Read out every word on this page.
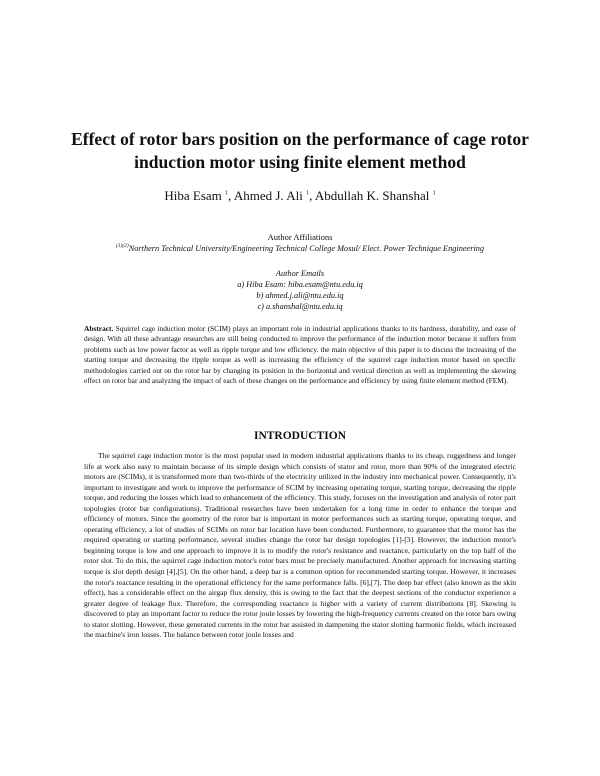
Effect of rotor bars position on the performance of cage rotor induction motor using finite element method

Hiba Esam $^1$, Ahmed J. Ali $^1$, Abdullah K. Shanshal $^1$

Author Affiliations

$^{(1)(2)}$Northern Technical University/Engineering Technical College Mosul/ Elect. Power Technique Engineering

Author Emails
a) Hiba Esam: hiba.esam@ntu.edu.iq
b) ahmed.j.ali@ntu.edu.iq
c) a.shanshal@ntu.edu.iq

Abstract. Squirrel cage induction motor (SCIM) plays an important role in industrial applications thanks to its hardness, durability, and ease of design. With all these advantage researches are still being conducted to improve the performance of the induction motor because it suffers from problems such as low power factor as well as ripple torque and low efficiency. the main objective of this paper is to discuss the increasing of the starting torque and decreasing the ripple torque as well as increasing the efficiency of the squirrel cage induction motor based on specific methodologies carried out on the rotor bar by changing its position in the horizontal and vertical direction as well as implementing the skewing effect on rotor bar and analyzing the impact of each of these changes on the performance and efficiency by using finite element method (FEM).

INTRODUCTION

The squirrel cage induction motor is the most popular used in modern industrial applications thanks to its cheap, ruggedness and longer life at work also easy to maintain because of its simple design which consists of stator and rotor, more than 90% of the integrated electric motors are (SCIMs), it is transformed more than two-thirds of the electricity utilized in the industry into mechanical power. Consequently, it's important to investigate and work to improve the performance of SCIM by increasing operating torque, starting torque, decreasing the ripple torque, and reducing the losses which lead to enhancement of the efficiency. This study, focuses on the investigation and analysis of rotor part topologies (rotor bar configurations). Traditional researches have been undertaken for a long time in order to enhance the torque and efficiency of motors. Since the geometry of the rotor bar is important in motor performances such as starting torque, operating torque, and operating efficiency, a lot of studies of SCIMs on rotor bar location have been conducted. Furthermore, to guarantee that the motor has the required operating or starting performance, several studies change the rotor bar design topologies [1]-[3]. However, the induction motor's beginning torque is low and one approach to improve it is to modify the rotor's resistance and reactance, particularly on the top half of the rotor slot. To do this, the squirrel cage induction motor's rotor bars must be precisely manufactured. Another approach for increasing starting torque is slot depth design [4],[5]. On the other hand, a deep bar is a common option for recommended starting torque. However, it increases the rotor's reactance resulting in the operational efficiency for the same performance falls. [6],[7]. The deep bar effect (also known as the skin effect), has a considerable effect on the airgap flux density, this is owing to the fact that the deepest sections of the conductor experience a greater degree of leakage flux. Therefore, the corresponding reactance is higher with a variety of current distributions [8]. Skewing is discovered to play an important factor to reduce the rotor joule losses by lowering the high-frequency currents created on the rotor bars owing to stator slotting. However, these generated currents in the rotor bar assisted in dampening the stator slotting harmonic fields, which increased the machine's iron losses. The balance between rotor joule losses and
